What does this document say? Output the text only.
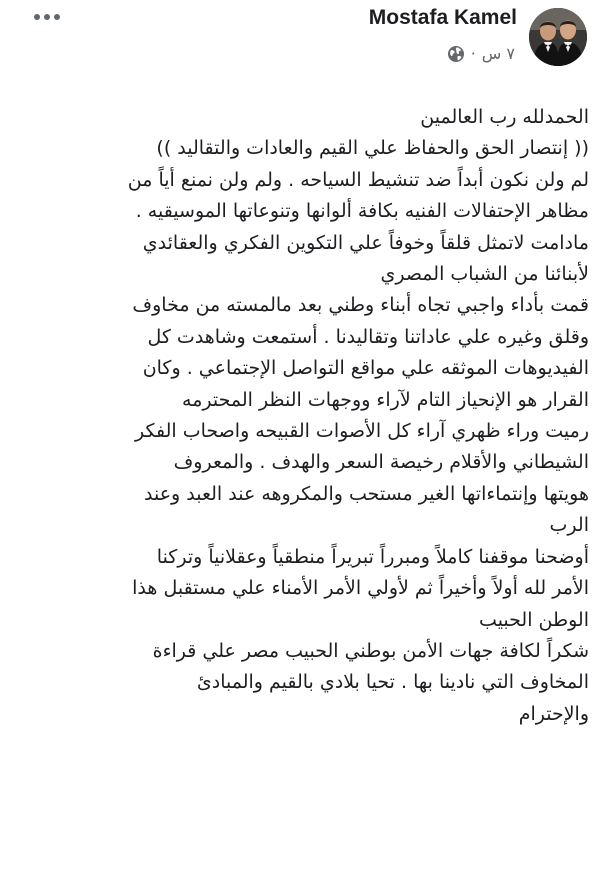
Mostafa Kamel
٧ س
·

الحمدلله رب العالمين

(( إنتصار الحق والحفاظ علي القيم والعادات والتقاليد ))

لم ولن نكون أبداً ضد تنشيط السياحه . ولم ولن نمنع أياً من

مظاهر الإحتفالات الفنيه بكافة ألوانها وتنوعاتها الموسيقيه .

مادامت لاتمثل قلقاً وخوفاً علي التكوين الفكري والعقائدي

لأبنائنا من الشباب المصري

قمت بأداء واجبي تجاه أبناء وطني بعد مالمسته من مخاوف

وقلق وغيره علي عاداتنا وتقاليدنا . أستمعت وشاهدت كل

الفيديوهات الموثقه علي مواقع التواصل الإجتماعي . وكان

القرار هو الإنحياز التام لآراء ووجهات النظر المحترمه

رميت وراء ظهري آراء كل الأصوات القبيحه واصحاب الفكر

الشيطاني والأقلام رخيصة السعر والهدف . والمعروف

هويتها وإنتماءاتها الغير مستحب والمكروهه عند العبد وعند

الرب

أوضحنا موقفنا كاملاً ومبرراً تبريراً منطقياً وعقلانياً وتركنا

الأمر لله أولاً وأخيراً ثم لأولي الأمر الأمناء علي مستقبل هذا

الوطن الحبيب

شكراً لكافة جهات الأمن بوطني الحبيب مصر علي قراءة

المخاوف التي نادينا بها . تحيا بلادي بالقيم والمبادئ

والإحترام
